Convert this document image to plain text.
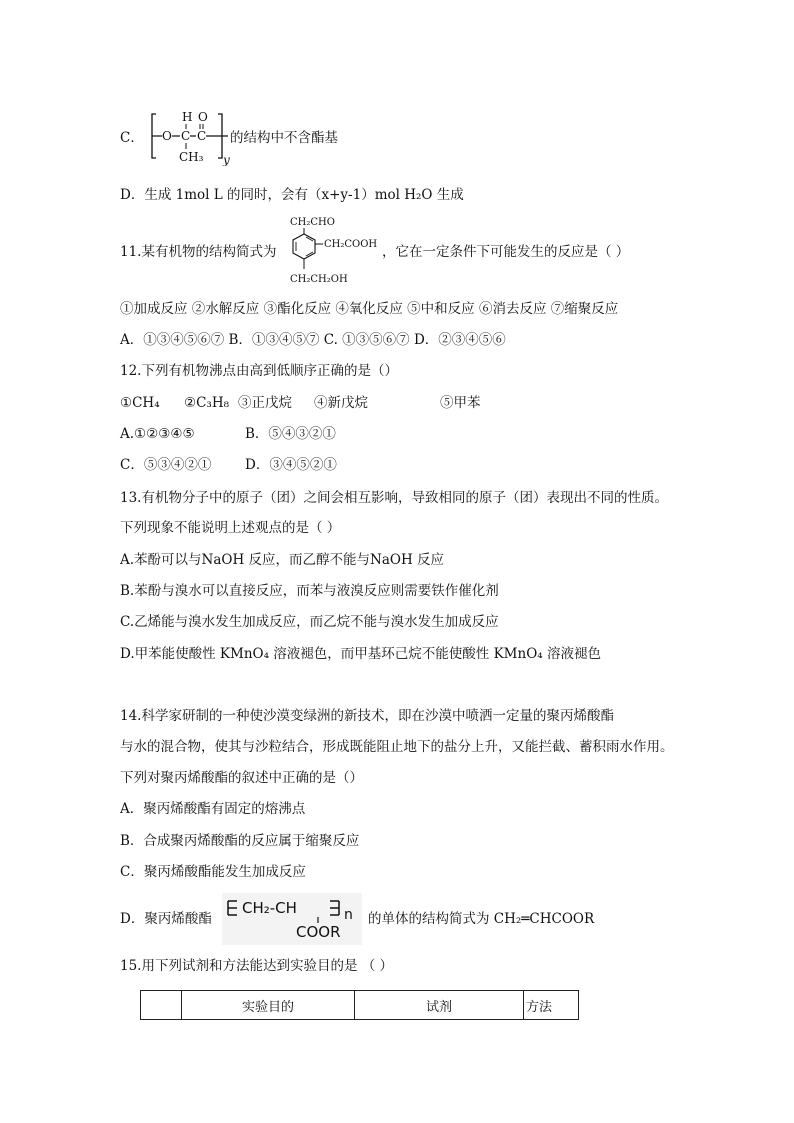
C．
H O
O C C
CH₃ y
的结构中不含酯基
D．生成 1mol L 的同时，会有（x+y-1）mol H₂O 生成
11.某有机物的结构简式为
CH₂CHO
CH₂COOH
CH₂CH₂OH
，它在一定条件下可能发生的反应是（ ）
①加成反应 ②水解反应 ③酯化反应 ④氧化反应 ⑤中和反应 ⑥消去反应 ⑦缩聚反应
A．①③④⑤⑥⑦ B．①③④⑤⑦ C. ①③⑤⑥⑦ D．②③④⑤⑥
12.下列有机物沸点由高到低顺序正确的是（）
①CH₄ ②C₃H₈ ③正戊烷 ④新戊烷	⑤甲苯
A.①②③④⑤	B．⑤④③②①
C．⑤③④②① D．③④⑤②①
13.有机物分子中的原子（团）之间会相互影响，导致相同的原子（团）表现出不同的性质。
下列现象不能说明上述观点的是（ ）
A.苯酚可以与NaOH 反应，而乙醇不能与NaOH 反应
B.苯酚与溴水可以直接反应，而苯与液溴反应则需要铁作催化剂
C.乙烯能与溴水发生加成反应，而乙烷不能与溴水发生加成反应
D.甲苯能使酸性 KMnO₄ 溶液褪色，而甲基环己烷不能使酸性 KMnO₄ 溶液褪色
14.科学家研制的一种使沙漠变绿洲的新技术，即在沙漠中喷洒一定量的聚丙烯酸酯
与水的混合物，使其与沙粒结合，形成既能阻止地下的盐分上升，又能拦截、蓄积雨水作用。
下列对聚丙烯酸酯的叙述中正确的是（）
A．聚丙烯酸酯有固定的熔沸点
B．合成聚丙烯酸酯的反应属于缩聚反应
C．聚丙烯酸酯能发生加成反应
D．聚丙烯酸酯
CH₂-CH	n
COOR
的单体的结构简式为 CH₂═CHCOOR
15.用下列试剂和方法能达到实验目的是 （ ）
	实验目的	试剂	方法
